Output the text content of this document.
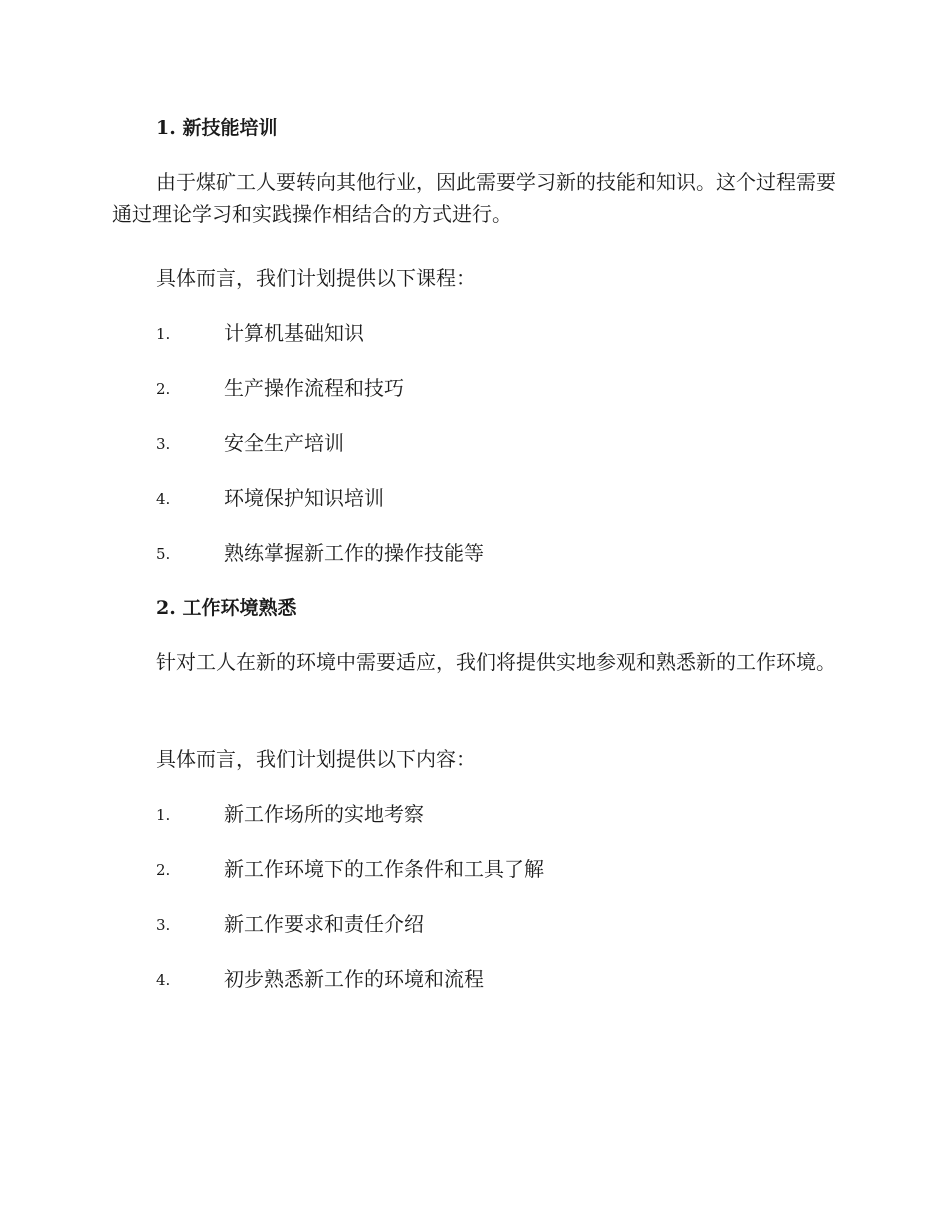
1. 新技能培训

由于煤矿工人要转向其他行业，因此需要学习新的技能和知识。这个过程需要通过理论学习和实践操作相结合的方式进行。

具体而言，我们计划提供以下课程：
1.	计算机基础知识
2.	生产操作流程和技巧
3.	安全生产培训
4.	环境保护知识培训
5.	熟练掌握新工作的操作技能等
2. 工作环境熟悉

针对工人在新的环境中需要适应，我们将提供实地参观和熟悉新的工作环境。

具体而言，我们计划提供以下内容：
1.	新工作场所的实地考察
2.	新工作环境下的工作条件和工具了解
3.	新工作要求和责任介绍
4.	初步熟悉新工作的环境和流程
